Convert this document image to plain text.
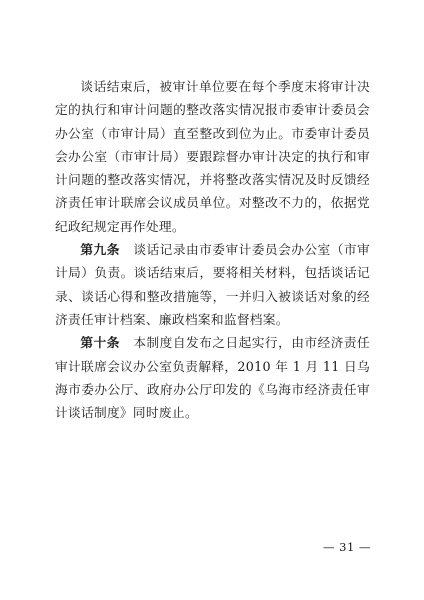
谈话结束后，被审计单位要在每个季度末将审计决定的执行和审计问题的整改落实情况报市委审计委员会办公室（市审计局）直至整改到位为止。市委审计委员会办公室（市审计局）要跟踪督办审计决定的执行和审计问题的整改落实情况，并将整改落实情况及时反馈经济责任审计联席会议成员单位。对整改不力的，依据党纪政纪规定再作处理。

第九条 谈话记录由市委审计委员会办公室（市审计局）负责。谈话结束后，要将相关材料，包括谈话记录、谈话心得和整改措施等，一并归入被谈话对象的经济责任审计档案、廉政档案和监督档案。

第十条 本制度自发布之日起实行，由市经济责任审计联席会议办公室负责解释，2010 年 1 月 11 日乌海市委办公厅、政府办公厅印发的《乌海市经济责任审计谈话制度》同时废止。

— 31 —
